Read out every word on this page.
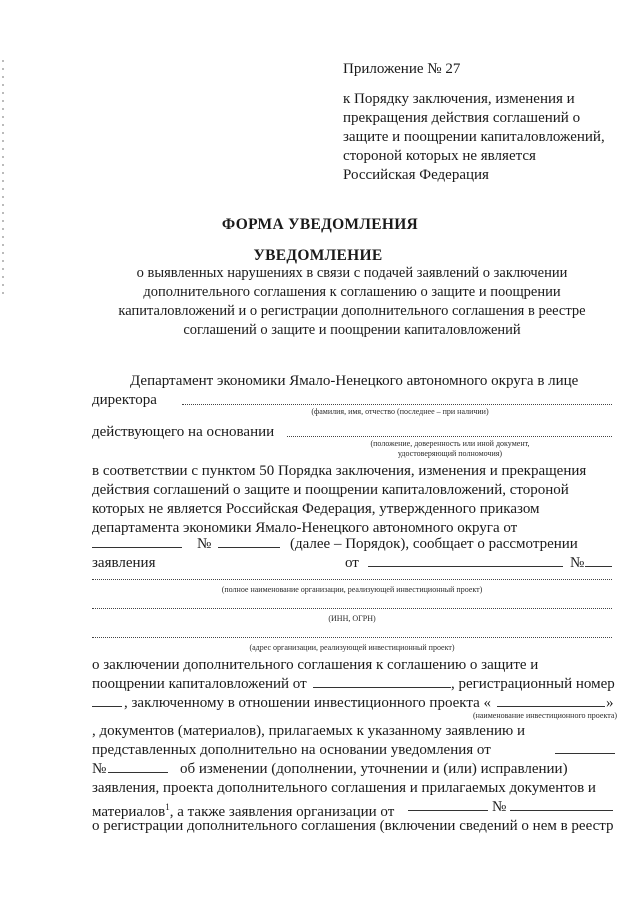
Приложение № 27
к Порядку заключения, изменения и
прекращения действия соглашений о
защите и поощрении капиталовложений,
стороной которых не является
Российская Федерация
ФОРМА УВЕДОМЛЕНИЯ
УВЕДОМЛЕНИЕ
о выявленных нарушениях в связи с подачей заявлений о заключении
дополнительного соглашения к соглашению о защите и поощрении
капиталовложений и о регистрации дополнительного соглашения в реестре
соглашений о защите и поощрении капиталовложений
Департамент экономики Ямало-Ненецкого автономного округа в лице
директора
(фамилия, имя, отчество (последнее – при наличии)
действующего на основании
(положение, доверенность или иной документ,
удостоверяющий полномочия)
в соответствии с пунктом 50 Порядка заключения, изменения и прекращения
действия соглашений о защите и поощрении капиталовложений, стороной
которых не является Российская Федерация, утвержденного приказом
департамента экономики Ямало-Ненецкого автономного округа от
№	(далее – Порядок), сообщает о рассмотрении
заявления	от	№
(полное наименование организации, реализующей инвестиционный проект)
(ИНН, ОГРН)
(адрес организации, реализующей инвестиционный проект)
о заключении дополнительного соглашения к соглашению о защите и
поощрении капиталовложений от	, регистрационный номер
, заключенному в отношении инвестиционного проекта «	»
(наименование инвестиционного проекта)
, документов (материалов), прилагаемых к указанному заявлению и
представленных дополнительно на основании уведомления от
№	об изменении (дополнении, уточнении и (или) исправлении)
заявления, проекта дополнительного соглашения и прилагаемых документов и
материалов$^1$, а также заявления организации от	№
о регистрации дополнительного соглашения (включении сведений о нем в реестр
